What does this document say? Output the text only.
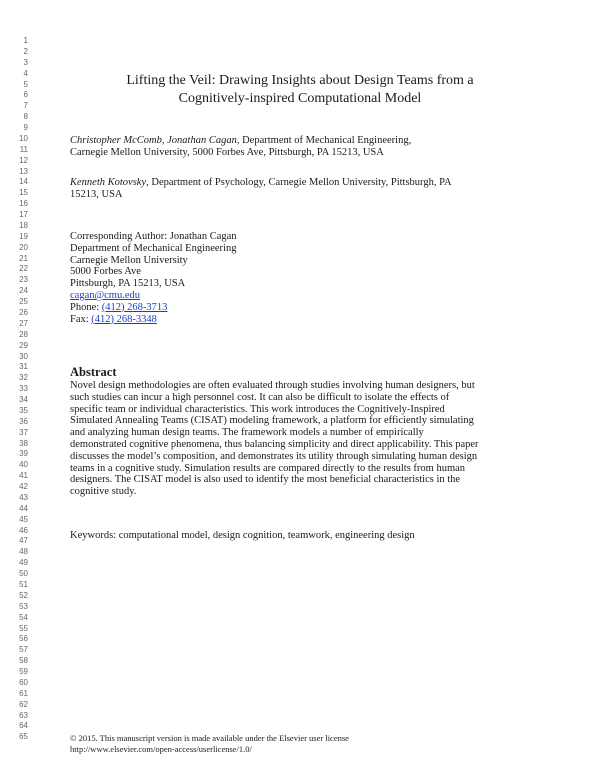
1
2
3
4
5
6
7
8
9
10
11
12
13
14
15
16
17
18
19
20
21
22
23
24
25
26
27
28
29
30
31
32
33
34
35
36
37
38
39
40
41
42
43
44
45
46
47
48
49
50
51
52
53
54
55
56
57
58
59
60
61
62
63
64
65
Lifting the Veil: Drawing Insights about Design Teams from a
Cognitively-inspired Computational Model
Christopher McComb, Jonathan Cagan, Department of Mechanical Engineering,
Carnegie Mellon University, 5000 Forbes Ave, Pittsburgh, PA 15213, USA
Kenneth Kotovsky, Department of Psychology, Carnegie Mellon University, Pittsburgh, PA
15213, USA
Corresponding Author: Jonathan Cagan
Department of Mechanical Engineering
Carnegie Mellon University
5000 Forbes Ave
Pittsburgh, PA 15213, USA
cagan@cmu.edu
Phone: (412) 268-3713
Fax: (412) 268-3348
Abstract
Novel design methodologies are often evaluated through studies involving human designers, but
such studies can incur a high personnel cost. It can also be difficult to isolate the effects of
specific team or individual characteristics. This work introduces the Cognitively-Inspired
Simulated Annealing Teams (CISAT) modeling framework, a platform for efficiently simulating
and analyzing human design teams. The framework models a number of empirically
demonstrated cognitive phenomena, thus balancing simplicity and direct applicability. This paper
discusses the model’s composition, and demonstrates its utility through simulating human design
teams in a cognitive study. Simulation results are compared directly to the results from human
designers. The CISAT model is also used to identify the most beneficial characteristics in the
cognitive study.
Keywords: computational model, design cognition, teamwork, engineering design
© 2015. This manuscript version is made available under the Elsevier user license
http://www.elsevier.com/open-access/userlicense/1.0/
